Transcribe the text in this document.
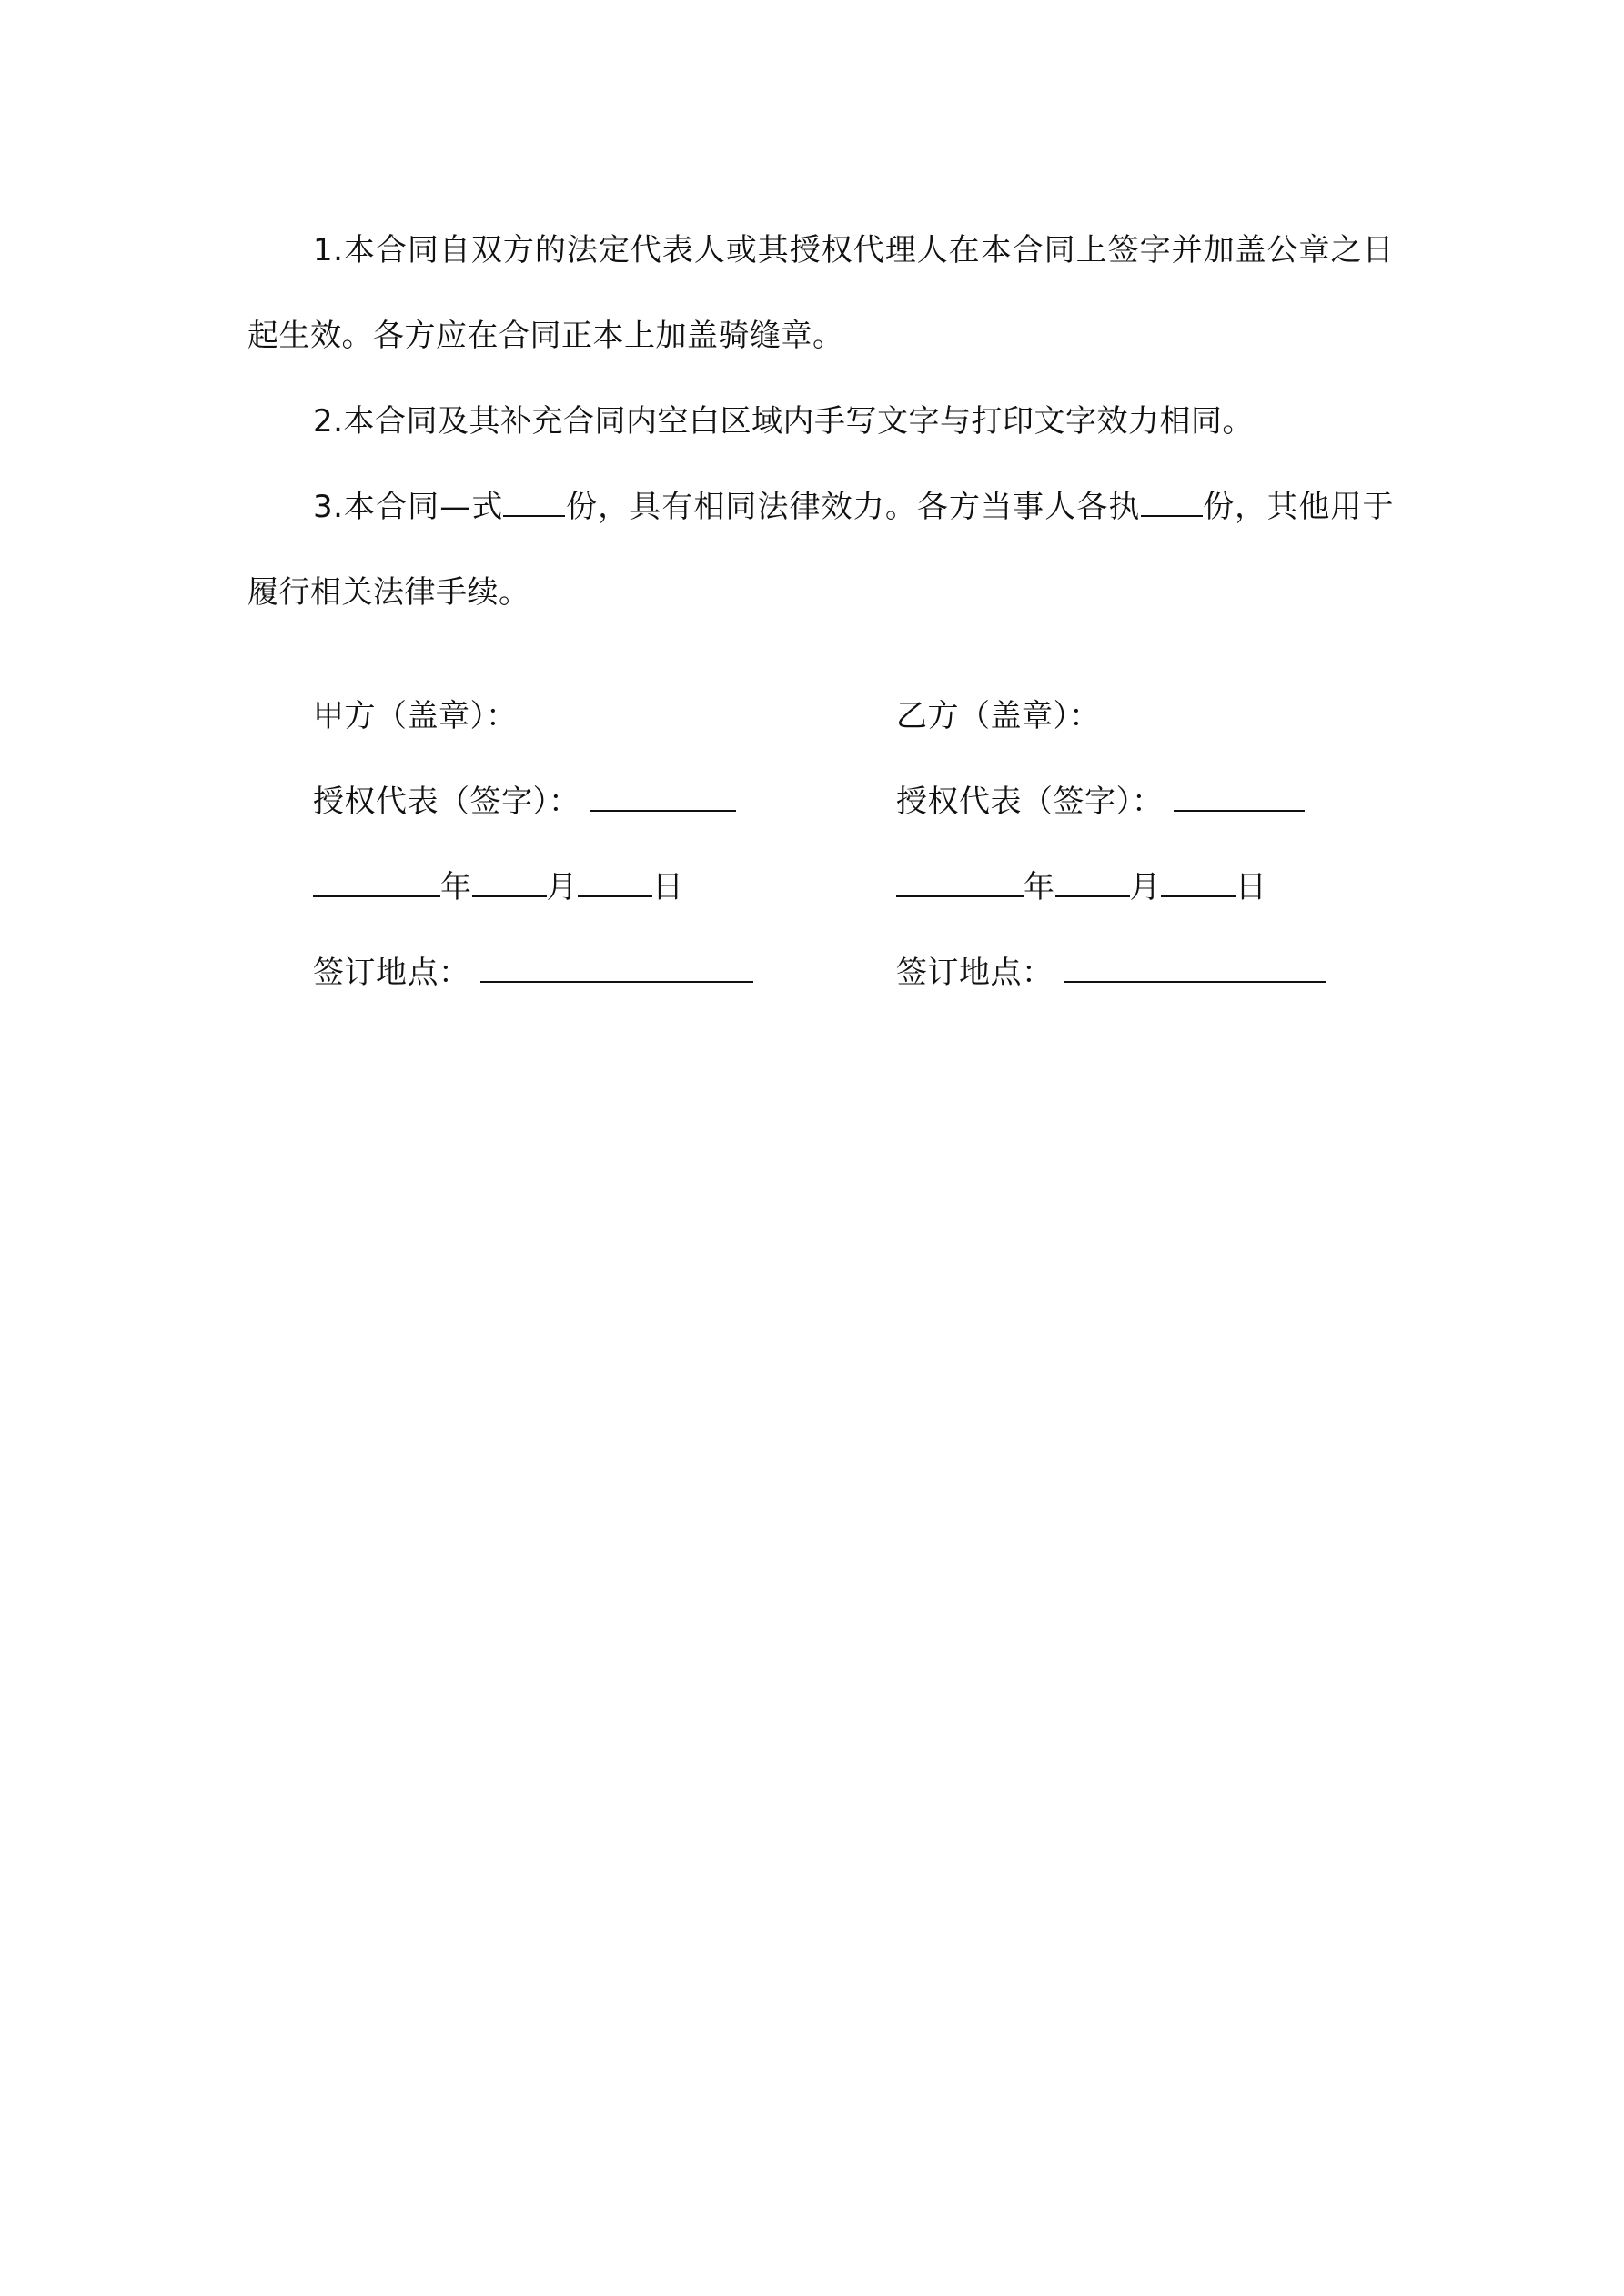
1.本合同自双方的法定代表人或其授权代理人在本合同上签字并加盖公章之日起生效。各方应在合同正本上加盖骑缝章。

2.本合同及其补充合同内空白区域内手写文字与打印文字效力相同。

3.本合同—式 份，具有相同法律效力。各方当事人各执 份，其他用于履行相关法律手续。

甲方（盖章）：
授权代表（签字）：
年 月 日
签订地点：
乙方（盖章）：
授权代表（签字）：
年 月 日
签订地点：
